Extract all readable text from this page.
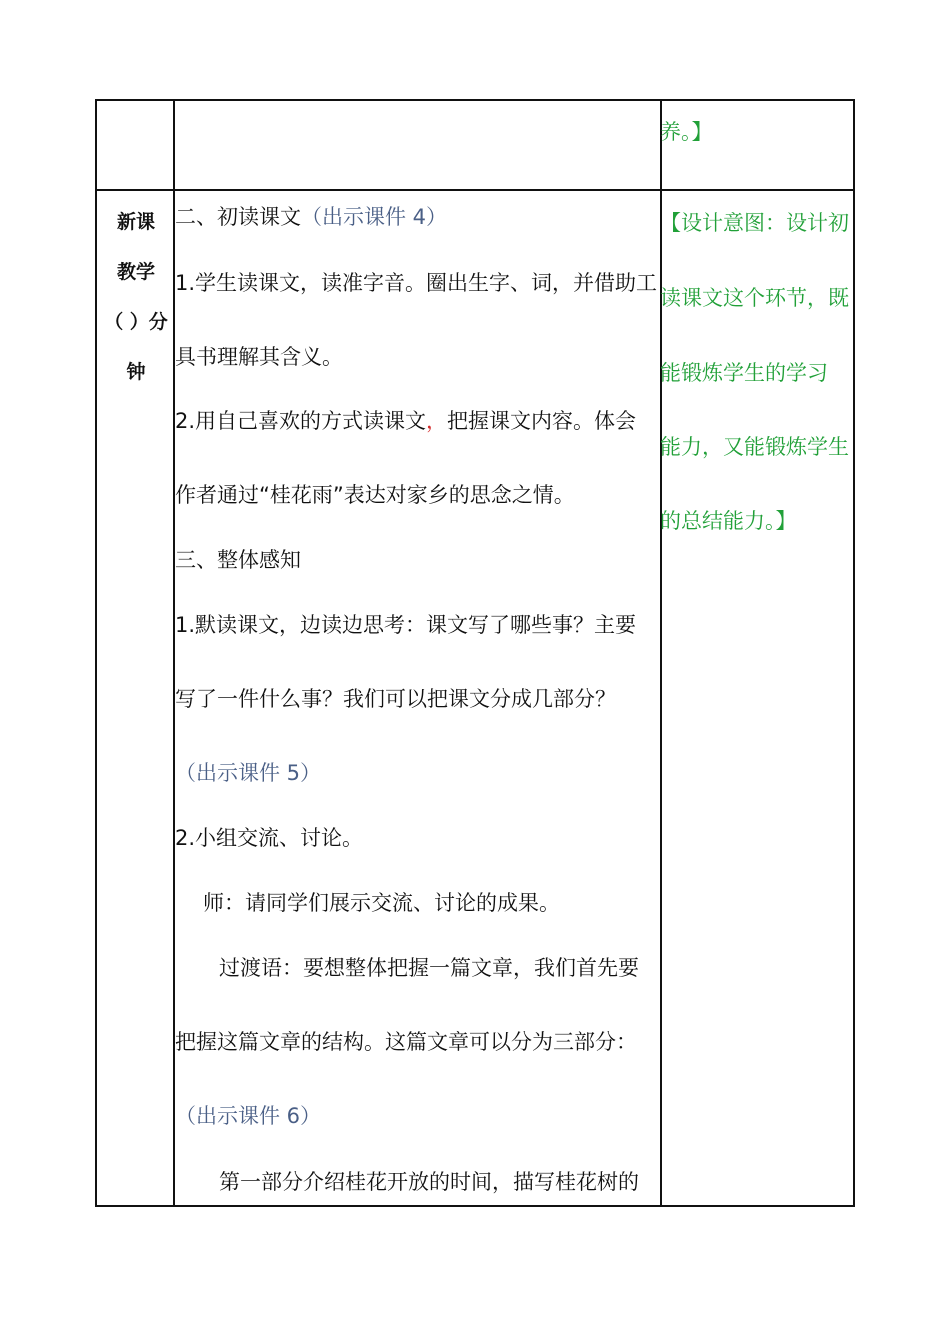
养。】
新课
教学
（ ）分
钟
二、初读课文（出示课件 4）
1.学生读课文，读准字音。圈出生字、词，并借助工
具书理解其含义。
2.用自己喜欢的方式读课文，把握课文内容。体会
作者通过“桂花雨”表达对家乡的思念之情。
三、整体感知
1.默读课文，边读边思考：课文写了哪些事？主要
写了一件什么事？我们可以把课文分成几部分？
（出示课件 5）
2.小组交流、讨论。
师：请同学们展示交流、讨论的成果。
过渡语：要想整体把握一篇文章，我们首先要
把握这篇文章的结构。这篇文章可以分为三部分：
（出示课件 6）
第一部分介绍桂花开放的时间，描写桂花树的
【设计意图：设计初
读课文这个环节，既
能锻炼学生的学习
能力，又能锻炼学生
的总结能力。】
